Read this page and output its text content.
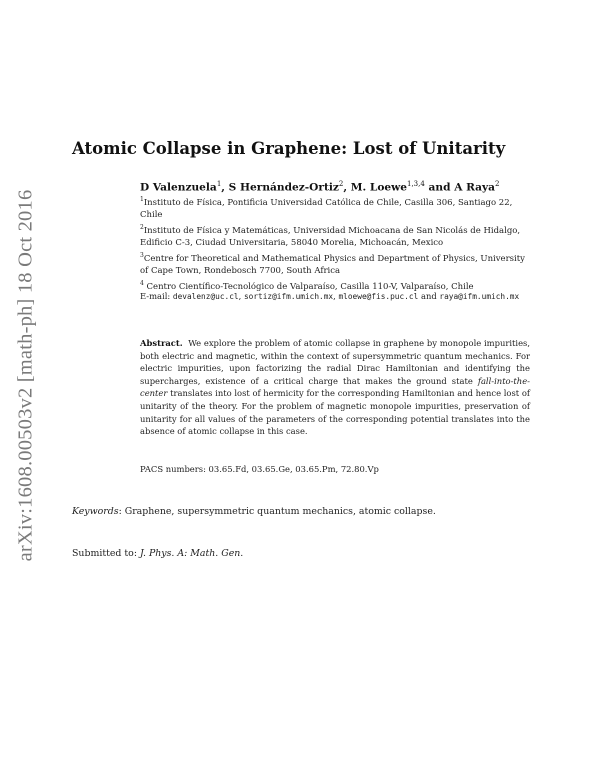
arXiv:1608.00503v2 [math-ph] 18 Oct 2016
Atomic Collapse in Graphene: Lost of Unitarity
D Valenzuela$^1$, S Hernández-Ortiz$^2$, M. Loewe$^{1,3,4}$ and A Raya$^2$

$^1$Instituto de Física, Pontificia Universidad Católica de Chile, Casilla 306, Santiago 22, Chile

$^2$Instituto de Física y Matemáticas, Universidad Michoacana de San Nicolás de Hidalgo, Edificio C-3, Ciudad Universitaria, 58040 Morelia, Michoacán, Mexico

$^3$Centre for Theoretical and Mathematical Physics and Department of Physics, University of Cape Town, Rondebosch 7700, South Africa

$^4$ Centro Científico-Tecnológico de Valparaíso, Casilla 110-V, Valparaíso, Chile

E-mail: devalenz@uc.cl, sortiz@ifm.umich.mx, mloewe@fis.puc.cl and raya@ifm.umich.mx

Abstract. We explore the problem of atomic collapse in graphene by monopole impurities, both electric and magnetic, within the context of supersymmetric quantum mechanics. For electric impurities, upon factorizing the radial Dirac Hamiltonian and identifying the supercharges, existence of a critical charge that makes the ground state fall-into-the-center translates into lost of hermicity for the corresponding Hamiltonian and hence lost of unitarity of the theory. For the problem of magnetic monopole impurities, preservation of unitarity for all values of the parameters of the corresponding potential translates into the absence of atomic collapse in this case.

PACS numbers: 03.65.Fd, 03.65.Ge, 03.65.Pm, 72.80.Vp
Keywords: Graphene, supersymmetric quantum mechanics, atomic collapse.
Submitted to: J. Phys. A: Math. Gen.
